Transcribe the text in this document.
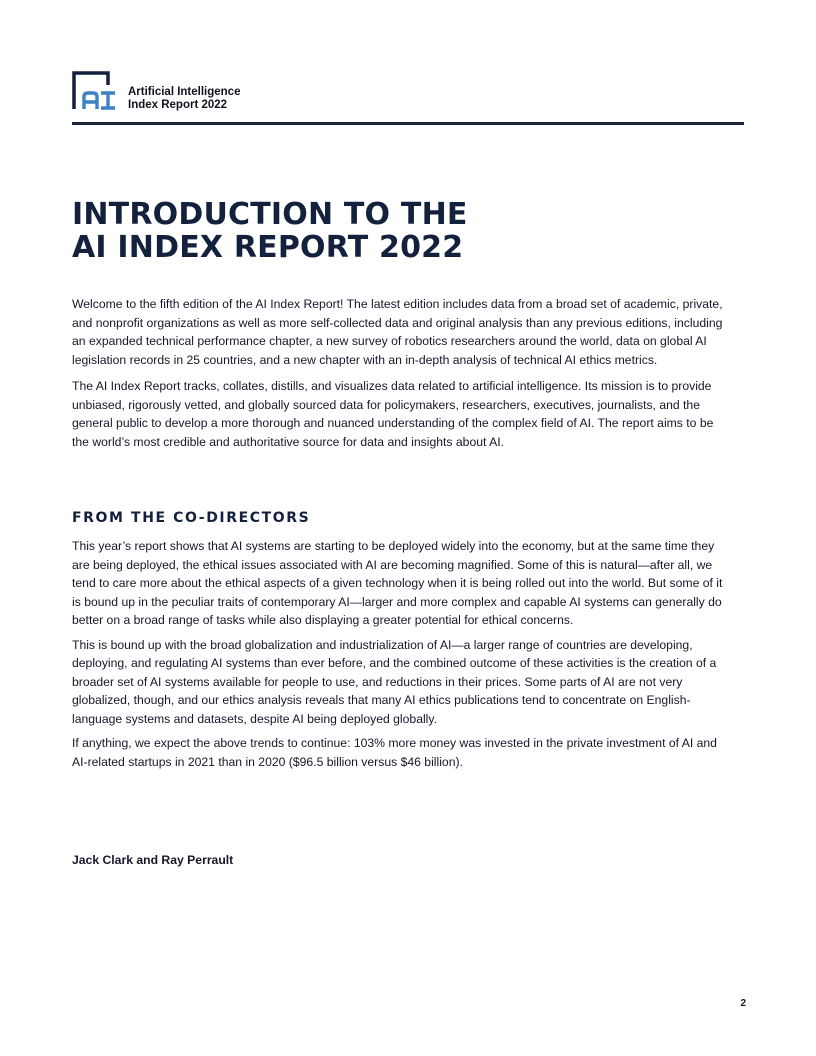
Artificial Intelligence
Index Report 2022
INTRODUCTION TO THE
AI INDEX REPORT 2022

Welcome to the fifth edition of the AI Index Report! The latest edition includes data from a broad set of academic, private, and nonprofit organizations as well as more self-collected data and original analysis than any previous editions, including an expanded technical performance chapter, a new survey of robotics researchers around the world, data on global AI legislation records in 25 countries, and a new chapter with an in-depth analysis of technical AI ethics metrics.

The AI Index Report tracks, collates, distills, and visualizes data related to artificial intelligence. Its mission is to provide unbiased, rigorously vetted, and globally sourced data for policymakers, researchers, executives, journalists, and the general public to develop a more thorough and nuanced understanding of the complex field of AI. The report aims to be the world’s most credible and authoritative source for data and insights about AI.

FROM THE CO-DIRECTORS

This year’s report shows that AI systems are starting to be deployed widely into the economy, but at the same time they are being deployed, the ethical issues associated with AI are becoming magnified. Some of this is natural—after all, we tend to care more about the ethical aspects of a given technology when it is being rolled out into the world. But some of it is bound up in the peculiar traits of contemporary AI—larger and more complex and capable AI systems can generally do better on a broad range of tasks while also displaying a greater potential for ethical concerns.

This is bound up with the broad globalization and industrialization of AI—a larger range of countries are developing, deploying, and regulating AI systems than ever before, and the combined outcome of these activities is the creation of a broader set of AI systems available for people to use, and reductions in their prices. Some parts of AI are not very globalized, though, and our ethics analysis reveals that many AI ethics publications tend to concentrate on English-language systems and datasets, despite AI being deployed globally.

If anything, we expect the above trends to continue: 103% more money was invested in the private investment of AI and AI-related startups in 2021 than in 2020 ($96.5 billion versus $46 billion).

Jack Clark and Ray Perrault
2
